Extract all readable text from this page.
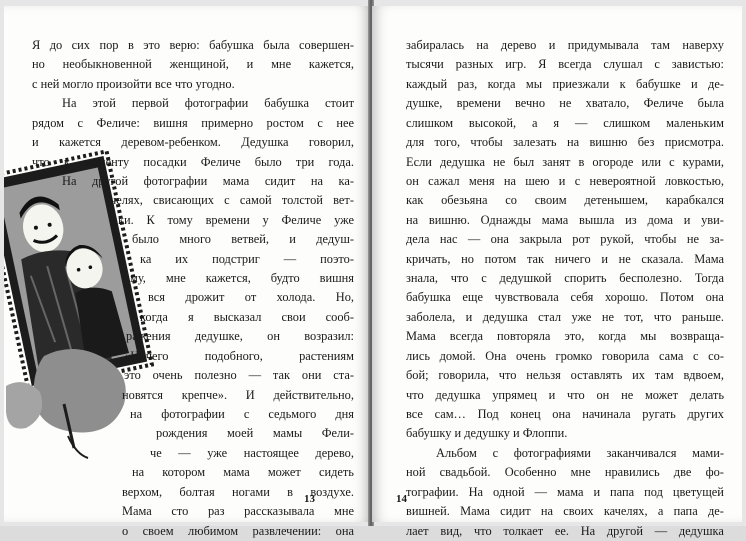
Я до сих пор в это верю: бабушка была совершен-
но необыкновенной женщиной, и мне кажется,
с ней могло произойти все что угодно.
На этой первой фотографии бабушка стоит
рядом с Феличе: вишня примерно ростом с нее
и кажется деревом-ребенком. Дедушка говорил,
что к моменту посадки Феличе было три года.
На другой фотографии мама сидит на ка-
челях, свисающих с самой толстой вет-
ки. К тому времени у Феличе уже
было много ветвей, и дедуш-
ка их подстриг — поэто-
му, мне кажется, будто вишня
вся дрожит от холода. Но,
когда я высказал свои сооб-
ражения дедушке, он возразил:
«Ничего	подобного,	растениям
это очень полезно — так они ста-
новятся крепче». И действительно,
на фотографии с седьмого дня
рождения моей мамы Фели-
че — уже настоящее дерево,
на котором мама может сидеть
верхом, болтая ногами в воздухе.
Мама сто раз рассказывала мне
о своем любимом развлечении: она
13
забиралась на дерево и придумывала там наверху
тысячи разных игр. Я всегда слушал с завистью:
каждый раз, когда мы приезжали к бабушке и де-
душке, времени вечно не хватало, Феличе была
слишком высокой, а я — слишком маленьким
для того, чтобы залезать на вишню без присмотра.
Если дедушка не был занят в огороде или с курами,
он сажал меня на шею и с невероятной ловкостью,
как обезьяна со своим детенышем, карабкался
на вишню. Однажды мама вышла из дома и уви-
дела нас — она закрыла рот рукой, чтобы не за-
кричать, но потом так ничего и не сказала. Мама
знала, что с дедушкой спорить бесполезно. Тогда
бабушка еще чувствовала себя хорошо. Потом она
заболела, и дедушка стал уже не тот, что раньше.
Мама всегда повторяла это, когда мы возвраща-
лись домой. Она очень громко говорила сама с со-
бой; говорила, что нельзя оставлять их там вдвоем,
что дедушка упрямец и что он не может делать
все сам… Под конец она начинала ругать других
бабушку и дедушку и Флоппи.
Альбом с фотографиями заканчивался мами-
ной свадьбой. Особенно мне нравились две фо-
тографии. На одной — мама и папа под цветущей
вишней. Мама сидит на своих качелях, а папа де-
лает вид, что толкает ее. На другой — дедушка
14
